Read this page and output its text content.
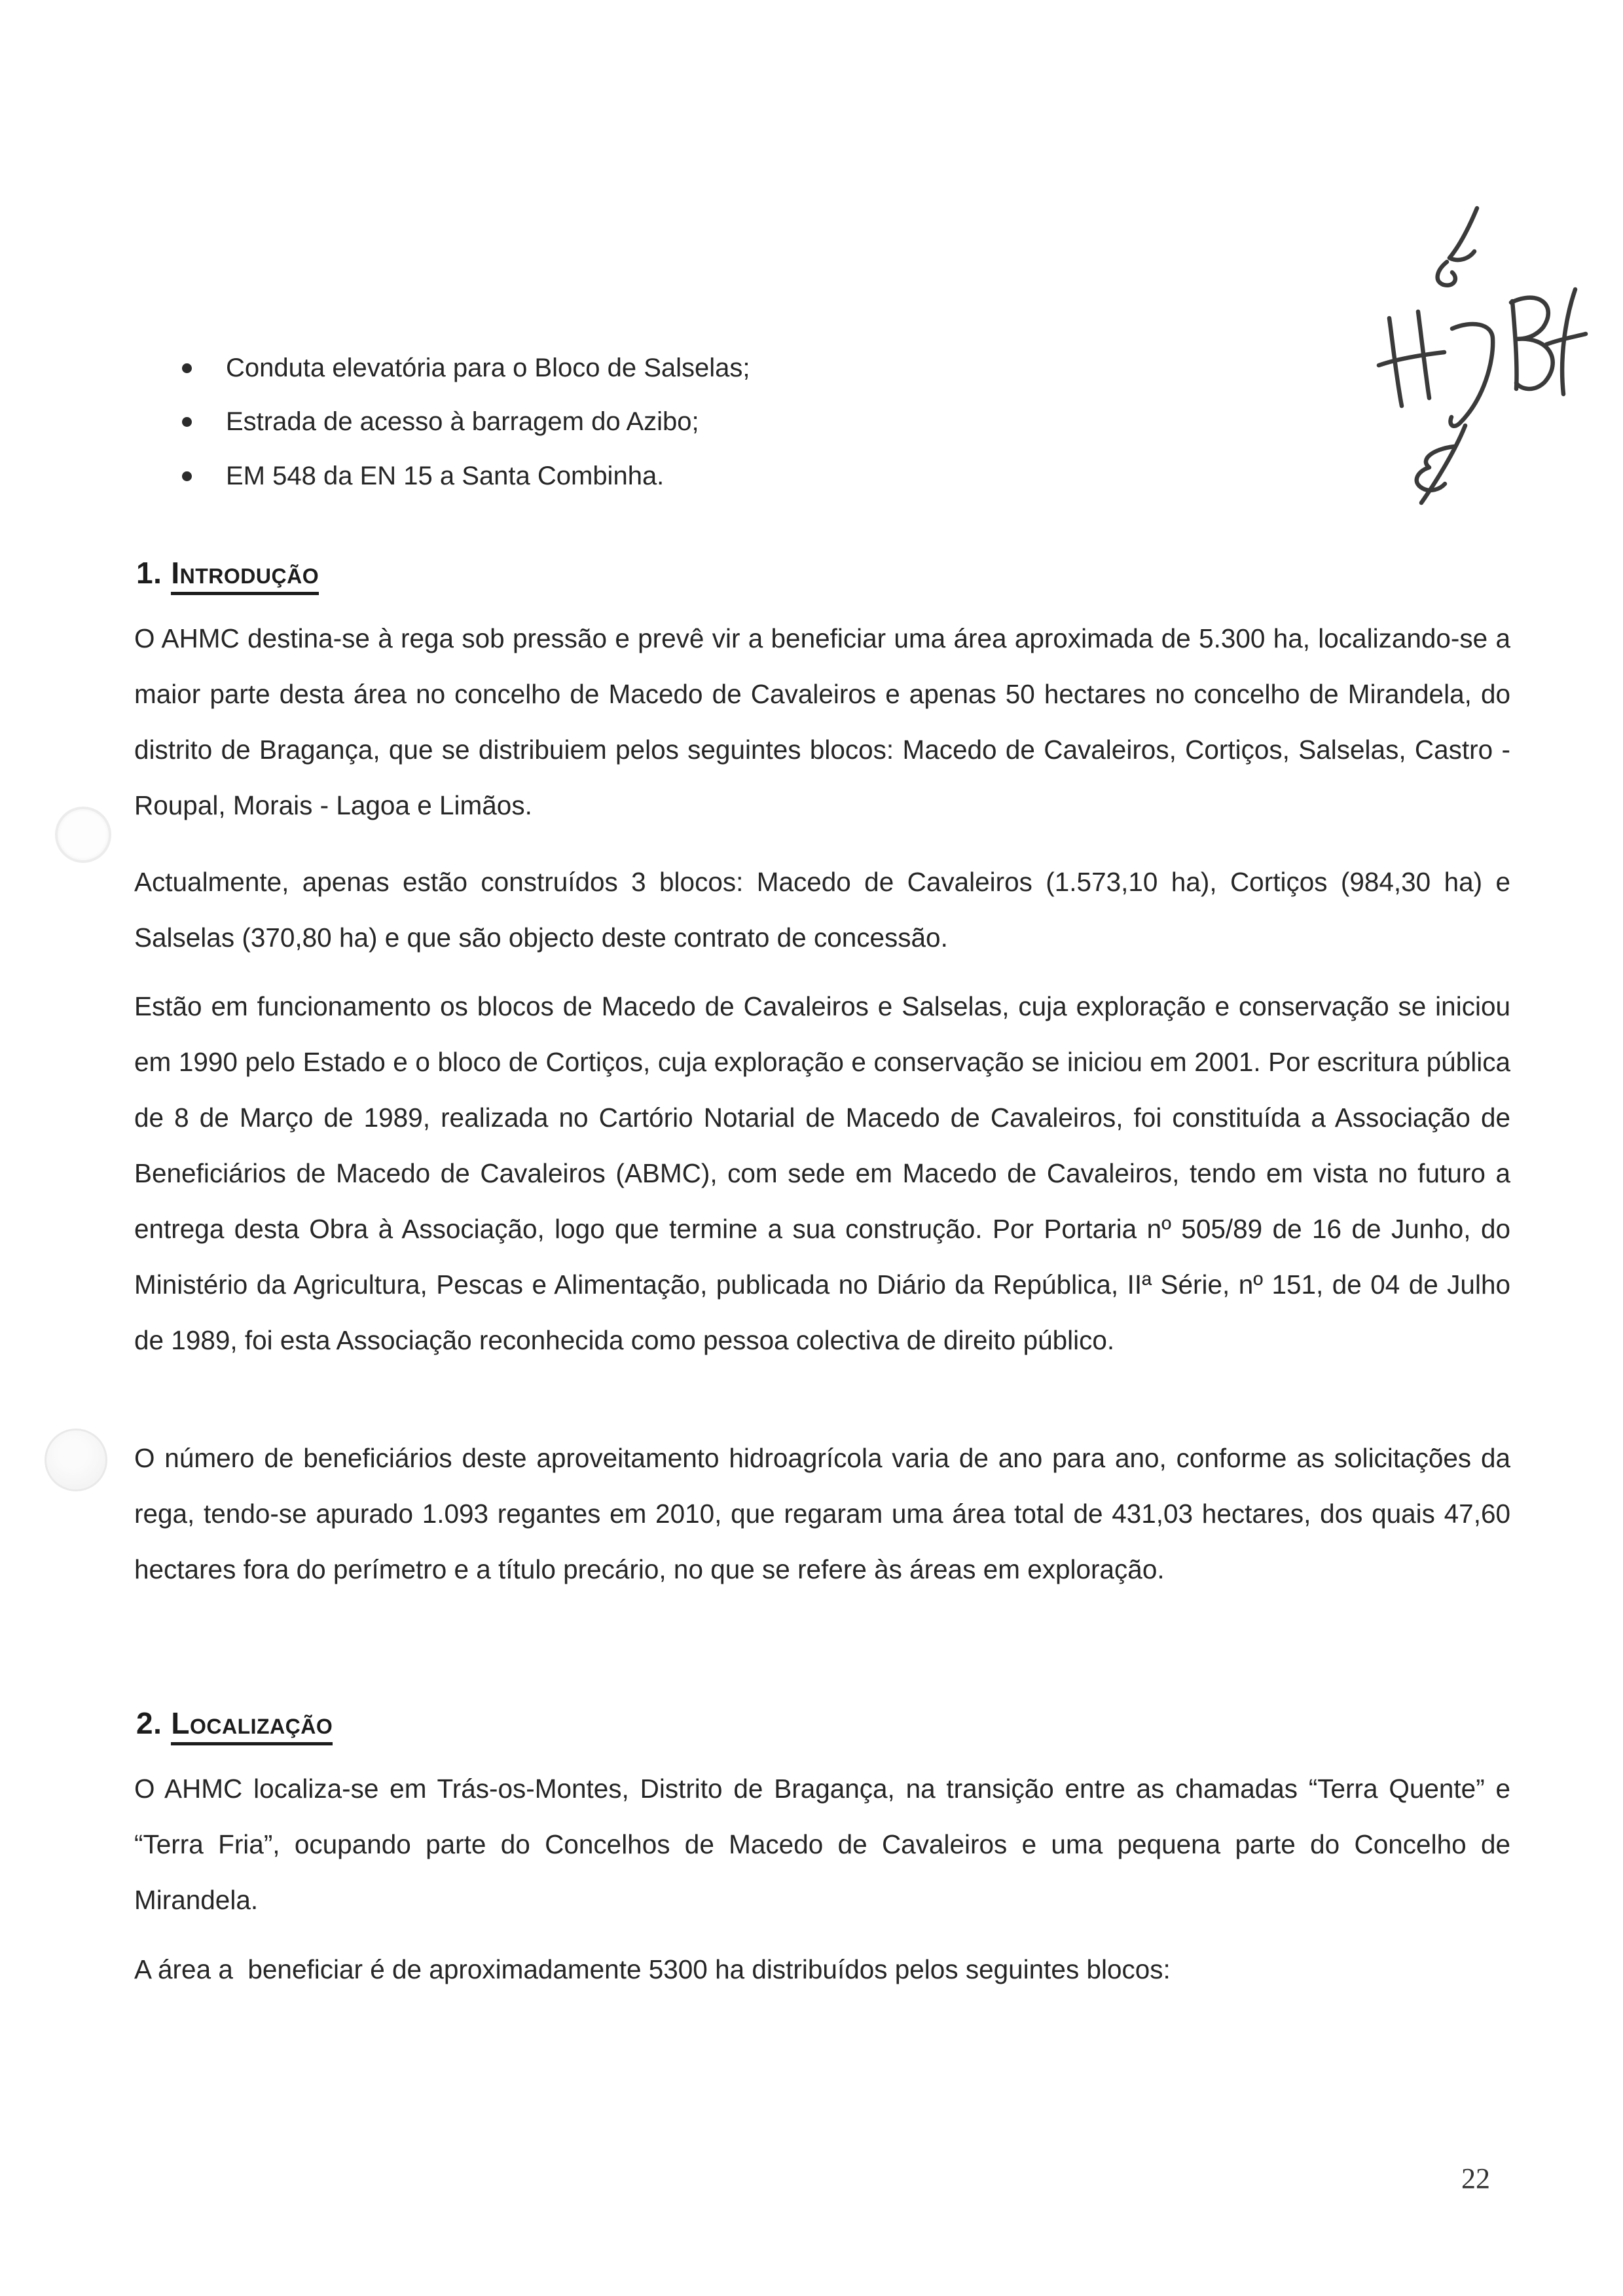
Conduta elevatória para o Bloco de Salselas;
Estrada de acesso à barragem do Azibo;
EM 548 da EN 15 a Santa Combinha.
1. Introdução

O AHMC destina-se à rega sob pressão e prevê vir a beneficiar uma área aproximada de 5.300 ha, localizando-se a maior parte desta área no concelho de Macedo de Cavaleiros e apenas 50 hectares no concelho de Mirandela, do distrito de Bragança, que se distribuiem pelos seguintes blocos: Macedo de Cavaleiros, Cortiços, Salselas, Castro - Roupal, Morais - Lagoa e Limãos.

Actualmente, apenas estão construídos 3 blocos: Macedo de Cavaleiros (1.573,10 ha), Cortiços (984,30 ha) e Salselas (370,80 ha) e que são objecto deste contrato de concessão.

Estão em funcionamento os blocos de Macedo de Cavaleiros e Salselas, cuja exploração e conservação se iniciou em 1990 pelo Estado e o bloco de Cortiços, cuja exploração e conservação se iniciou em 2001. Por escritura pública de 8 de Março de 1989, realizada no Cartório Notarial de Macedo de Cavaleiros, foi constituída a Associação de Beneficiários de Macedo de Cavaleiros (ABMC), com sede em Macedo de Cavaleiros, tendo em vista no futuro a entrega desta Obra à Associação, logo que termine a sua construção. Por Portaria nº 505/89 de 16 de Junho, do Ministério da Agricultura, Pescas e Alimentação, publicada no Diário da República, IIª Série, nº 151, de 04 de Julho de 1989, foi esta Associação reconhecida como pessoa colectiva de direito público.

O número de beneficiários deste aproveitamento hidroagrícola varia de ano para ano, conforme as solicitações da rega, tendo-se apurado 1.093 regantes em 2010, que regaram uma área total de 431,03 hectares, dos quais 47,60 hectares fora do perímetro e a título precário, no que se refere às áreas em exploração.

2. Localização

O AHMC localiza-se em Trás-os-Montes, Distrito de Bragança, na transição entre as chamadas “Terra Quente” e “Terra Fria”, ocupando parte do Concelhos de Macedo de Cavaleiros e uma pequena parte do Concelho de Mirandela.

A área a  beneficiar é de aproximadamente 5300 ha distribuídos pelos seguintes blocos:

22
